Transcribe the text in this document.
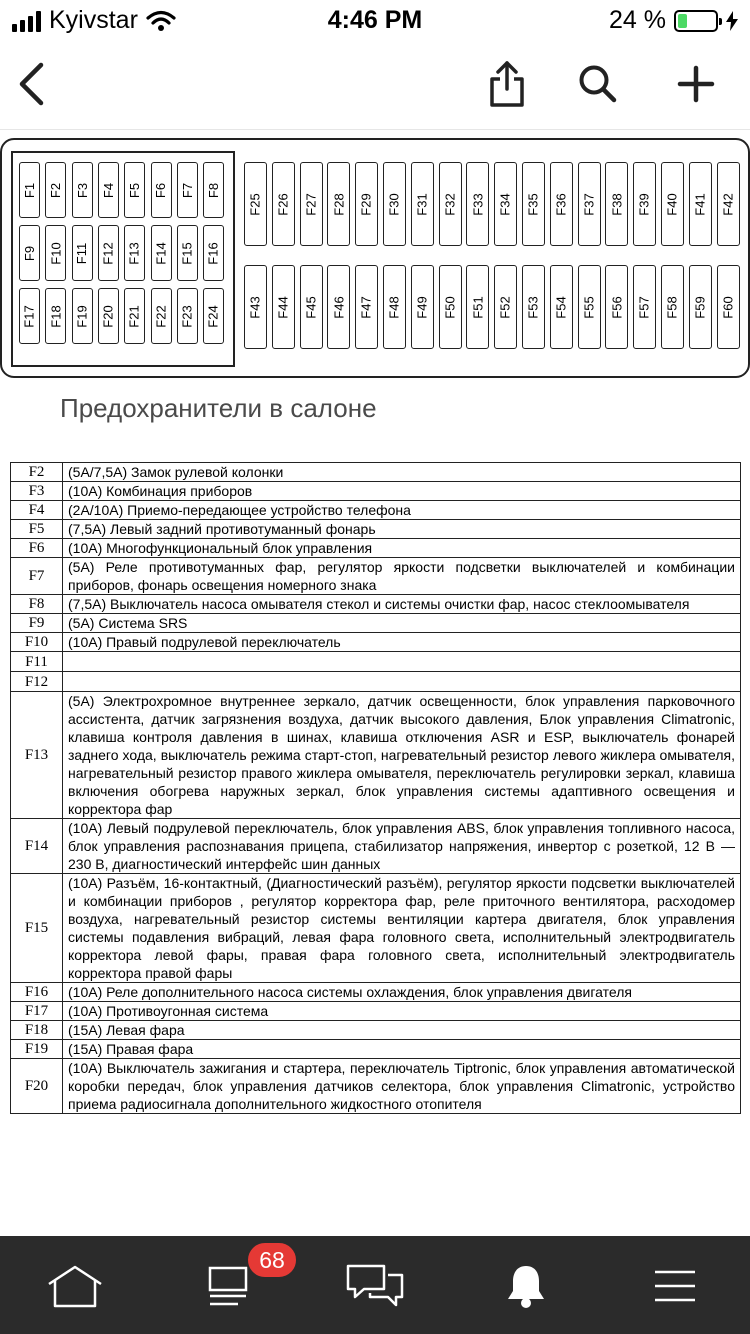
Kyivstar	4:46 PM	24 %
F1 F2 F3 F4 F5 F6 F7 F8
F9 F10 F11 F12 F13 F14 F15 F16
F17 F18 F19 F20 F21 F22 F23 F24
F25 F26 F27 F28 F29 F30 F31 F32 F33 F34 F35 F36 F37 F38 F39 F40 F41 F42
F43 F44 F45 F46 F47 F48 F49 F50 F51 F52 F53 F54 F55 F56 F57 F58 F59 F60
Предохранители в салоне
F2	(5А/7,5А) Замок рулевой колонки
F3	(10А) Комбинация приборов
F4	(2А/10А) Приемо-передающее устройство телефона
F5	(7,5А) Левый задний противотуманный фонарь
F6	(10А) Многофункциональный блок управления
F7	(5А) Реле противотуманных фар, регулятор яркости подсветки выключателей и комбинации приборов, фонарь освещения номерного знака
F8	(7,5А) Выключатель насоса омывателя стекол и системы очистки фар, насос стеклоомывателя
F9	(5А) Система SRS
F10	(10А) Правый подрулевой переключатель
F11	
F12	
F13	(5А) Электрохромное внутреннее зеркало, датчик освещенности, блок управления парковочного ассистента, датчик загрязнения воздуха, датчик высокого давления, Блок управления Climatronic, клавиша контроля давления в шинах, клавиша отключения ASR и ESP, выключатель фонарей заднего хода, выключатель режима старт-стоп, нагревательный резистор левого жиклера омывателя, нагревательный резистор правого жиклера омывателя, переключатель регулировки зеркал, клавиша включения обогрева наружных зеркал, блок управления системы адаптивного освещения и корректора фар
F14	(10А) Левый подрулевой переключатель, блок управления ABS, блок управления топливного насоса, блок управления распознавания прицепа, стабилизатор напряжения, инвертор с розеткой, 12 В — 230 В, диагностический интерфейс шин данных
F15	(10А) Разъём, 16-контактный, (Диагностический разъём), регулятор яркости подсветки выключателей и комбинации приборов , регулятор корректора фар, реле приточного вентилятора, расходомер воздуха, нагревательный резистор системы вентиляции картера двигателя, блок управления системы подавления вибраций, левая фара головного света, исполнительный электродвигатель корректора левой фары, правая фара головного света, исполнительный электродвигатель корректора правой фары
F16	(10А) Реле дополнительного насоса системы охлаждения, блок управления двигателя
F17	(10А) Противоугонная система
F18	(15А) Левая фара
F19	(15А) Правая фара
F20	(10А) Выключатель зажигания и стартера, переключатель Tiptronic, блок управления автоматической коробки передач, блок управления датчиков селектора, блок управления Climatronic, устройство приема радиосигнала дополнительного жидкостного отопителя
68
